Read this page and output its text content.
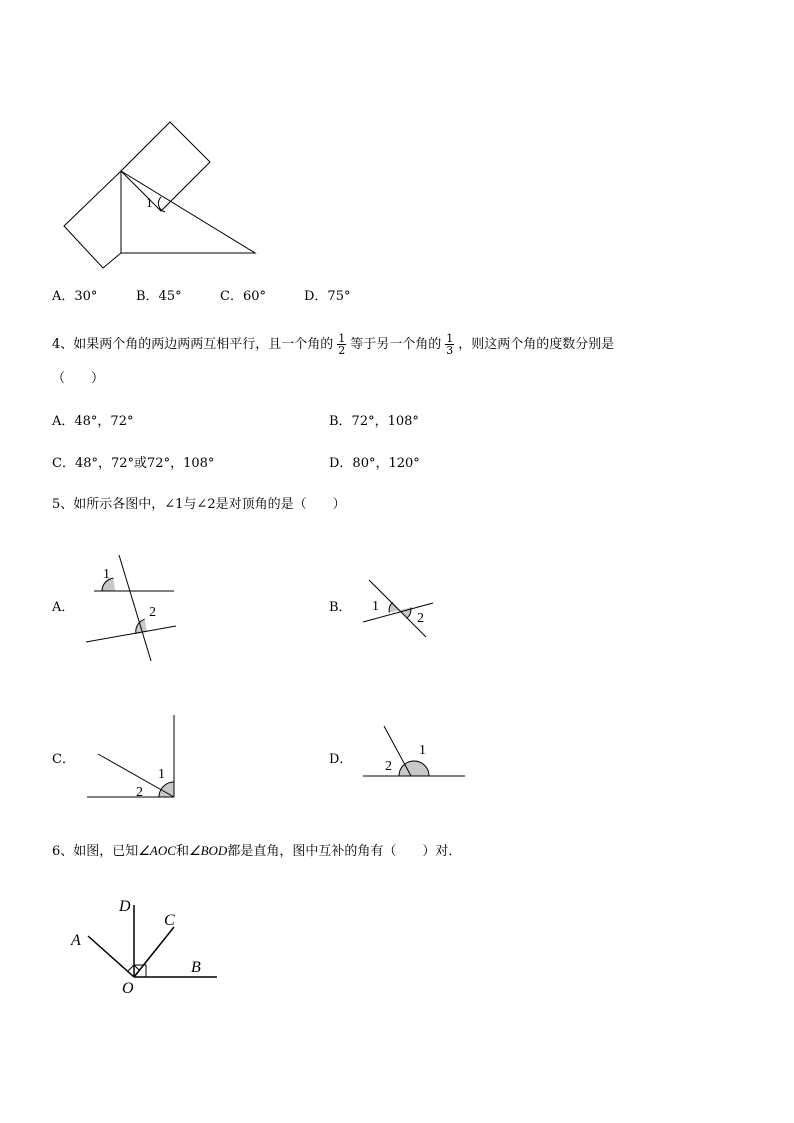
1
A．30°	B．45°	C．60°	D．75°
4、如果两个角的两边两两互相平行，且一个角的 $\frac{1}{2}$ 等于另一个角的 $\frac{1}{3}$ ，则这两个角的度数分别是
（　　）
A．48°，72°	B．72°，108°
C．48°，72°或72°，108°	D．80°，120°
5、如所示各图中，∠1与∠2是对顶角的是（　　）
A．
1
2	B． 1
2
C．
1
2
D．
1
2
6、如图，已知∠AOC和∠BOD都是直角，图中互补的角有（　　）对．
D
C
A
B
O
